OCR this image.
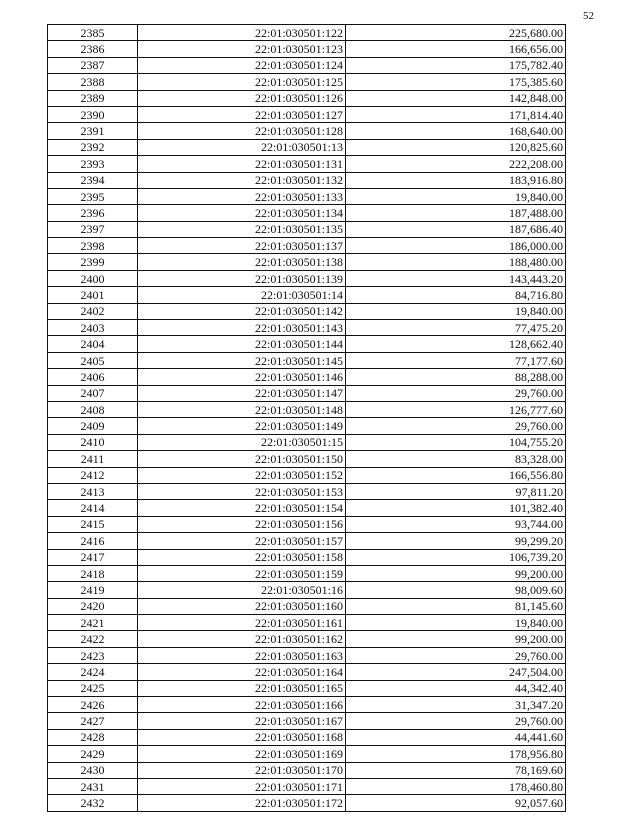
52
2385	22:01:030501:122	225,680.00
2386	22:01:030501:123	166,656.00
2387	22:01:030501:124	175,782.40
2388	22:01:030501:125	175,385.60
2389	22:01:030501:126	142,848.00
2390	22:01:030501:127	171,814.40
2391	22:01:030501:128	168,640.00
2392	22:01:030501:13	120,825.60
2393	22:01:030501:131	222,208.00
2394	22:01:030501:132	183,916.80
2395	22:01:030501:133	19,840.00
2396	22:01:030501:134	187,488.00
2397	22:01:030501:135	187,686.40
2398	22:01:030501:137	186,000.00
2399	22:01:030501:138	188,480.00
2400	22:01:030501:139	143,443.20
2401	22:01:030501:14	84,716.80
2402	22:01:030501:142	19,840.00
2403	22:01:030501:143	77,475.20
2404	22:01:030501:144	128,662.40
2405	22:01:030501:145	77,177.60
2406	22:01:030501:146	88,288.00
2407	22:01:030501:147	29,760.00
2408	22:01:030501:148	126,777.60
2409	22:01:030501:149	29,760.00
2410	22:01:030501:15	104,755.20
2411	22:01:030501:150	83,328.00
2412	22:01:030501:152	166,556.80
2413	22:01:030501:153	97,811.20
2414	22:01:030501:154	101,382.40
2415	22:01:030501:156	93,744.00
2416	22:01:030501:157	99,299.20
2417	22:01:030501:158	106,739.20
2418	22:01:030501:159	99,200.00
2419	22:01:030501:16	98,009.60
2420	22:01:030501:160	81,145.60
2421	22:01:030501:161	19,840.00
2422	22:01:030501:162	99,200.00
2423	22:01:030501:163	29,760.00
2424	22:01:030501:164	247,504.00
2425	22:01:030501:165	44,342.40
2426	22:01:030501:166	31,347.20
2427	22:01:030501:167	29,760.00
2428	22:01:030501:168	44,441.60
2429	22:01:030501:169	178,956.80
2430	22:01:030501:170	78,169.60
2431	22:01:030501:171	178,460.80
2432	22:01:030501:172	92,057.60
